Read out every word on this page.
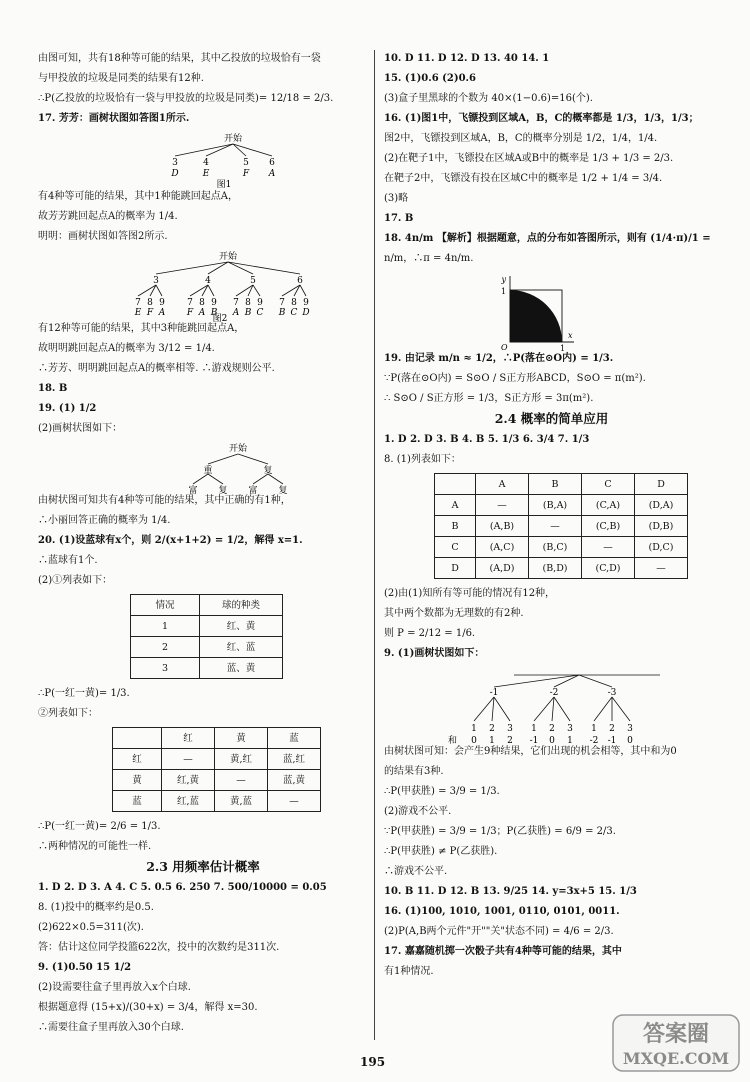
由图可知，共有18种等可能的结果，其中乙投放的垃圾恰有一袋
与甲投放的垃圾是同类的结果有12种.
∴P(乙投放的垃圾恰有一袋与甲投放的垃圾是同类)= 12/18 = 2/3.
17. 芳芳：画树状图如答图1所示.
开始
3	4	5 6
D	E	F A
图1
有4种等可能的结果，其中1种能跳回起点A，
故芳芳跳回起点A的概率为 1/4.
明明：画树状图如答图2所示.
开始
3	4	5	6
7 8 9 7 8 9 7 8 9 7 8 9
E F A F A B A B C B C D
图2
有12种等可能的结果，其中3种能跳回起点A，
故明明跳回起点A的概率为 3/12 = 1/4.
∴芳芳、明明跳回起点A的概率相等. ∴游戏规则公平.
18. B
19. (1) 1/2
(2)画树状图如下：
开始
重	复
富 复 富 复
由树状图可知共有4种等可能的结果，其中正确的有1种，
∴小丽回答正确的概率为 1/4.
20. (1)设蓝球有x个，则 2/(x+1+2) = 1/2，解得 x=1.
∴蓝球有1个.
(2)①列表如下：
情况	球的种类
1	红、黄
2	红、蓝
3	蓝、黄
∴P(一红一黄)= 1/3.
②列表如下：
	红	黄	蓝
红	—	黄,红	蓝,红
黄	红,黄	—	蓝,黄
蓝	红,蓝	黄,蓝	—
∴P(一红一黄)= 2/6 = 1/3.
∴两种情况的可能性一样.
2.3 用频率估计概率
1. D 2. D 3. A 4. C 5. 0.5 6. 250 7. 500/10000 = 0.05
8. (1)投中的概率约是0.5.
(2)622×0.5=311(次).
答：估计这位同学投篮622次，投中的次数约是311次.
9. (1)0.50 15 1/2
(2)设需要往盒子里再放入x个白球.
根据题意得 (15+x)/(30+x) = 3/4，解得 x=30.
∴需要往盒子里再放入30个白球.
10. D 11. D 12. D 13. 40 14. 1
15. (1)0.6 (2)0.6
(3)盒子里黑球的个数为 40×(1−0.6)=16(个).
16. (1)图1中，飞镖投到区域A，B，C的概率都是 1/3，1/3，1/3；
图2中，飞镖投到区域A，B，C的概率分别是 1/2，1/4，1/4.
(2)在靶子1中，飞镖投在区域A或B中的概率是 1/3 + 1/3 = 2/3.
在靶子2中，飞镖没有投在区域C中的概率是 1/2 + 1/4 = 3/4.
(3)略
17. B
18. 4n/m 【解析】根据题意，点的分布如答图所示，则有 (1/4·π)/1 =
n/m，∴π = 4n/m.
x
y
O	1
1
19. 由记录 m/n ≈ 1/2，∴P(落在⊙O内) = 1/3.
∵P(落在⊙O内) = S⊙O / S正方形ABCD，S⊙O = π(m²).
∴ S⊙O / S正方形 = 1/3，S正方形 = 3π(m²).
2.4 概率的简单应用
1. D 2. D 3. B 4. B 5. 1/3 6. 3/4 7. 1/3
8. (1)列表如下：
	A	B	C	D
A	—	(B,A)	(C,A)	(D,A)
B	(A,B)	—	(C,B)	(D,B)
C	(A,C)	(B,C)	—	(D,C)
D	(A,D)	(B,D)	(C,D)	—
(2)由(1)知所有等可能的情况有12种，
其中两个数都为无理数的有2种.
则 P = 2/12 = 1/6.
9. (1)画树状图如下：
-1	-2	-3
1 2 3 1 2 3 1 2 3
和 0 1 2 -1 0 1 -2 -1 0
由树状图可知：会产生9种结果，它们出现的机会相等，其中和为0
的结果有3种.
∴P(甲获胜) = 3/9 = 1/3.
(2)游戏不公平.
∵P(甲获胜) = 3/9 = 1/3；P(乙获胜) = 6/9 = 2/3.
∴P(甲获胜) ≠ P(乙获胜).
∴游戏不公平.
10. B 11. D 12. B 13. 9/25 14. y=3x+5 15. 1/3
16. (1)100, 1010, 1001, 0110, 0101, 0011.
(2)P(A,B两个元件"开""关"状态不同) = 4/6 = 2/3.
17. 嘉嘉随机掷一次骰子共有4种等可能的结果，其中
有1种情况.
195
答案圈
MXQE.COM
